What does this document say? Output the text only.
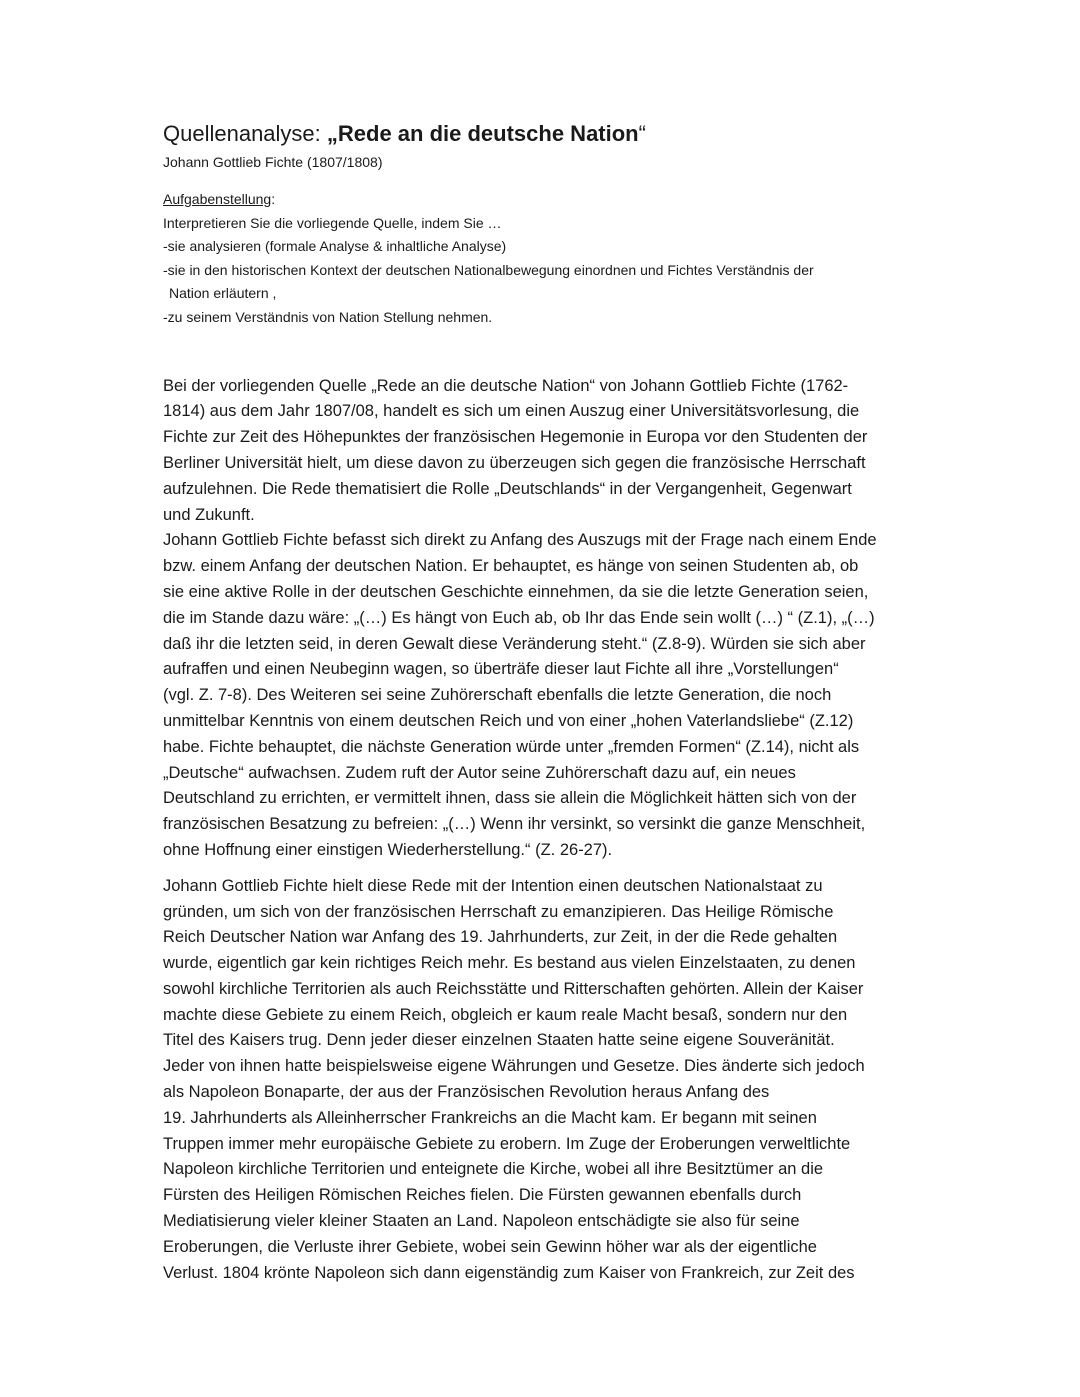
Quellenanalyse: „Rede an die deutsche Nation“
Johann Gottlieb Fichte (1807/1808)
Aufgabenstellung:
Interpretieren Sie die vorliegende Quelle, indem Sie …
-sie analysieren (formale Analyse & inhaltliche Analyse)
-sie in den historischen Kontext der deutschen Nationalbewegung einordnen und Fichtes Verständnis der
Nation erläutern ,
-zu seinem Verständnis von Nation Stellung nehmen.

Bei der vorliegenden Quelle „Rede an die deutsche Nation“ von Johann Gottlieb Fichte (1762-
1814) aus dem Jahr 1807/08, handelt es sich um einen Auszug einer Universitätsvorlesung, die
Fichte zur Zeit des Höhepunktes der französischen Hegemonie in Europa vor den Studenten der
Berliner Universität hielt, um diese davon zu überzeugen sich gegen die französische Herrschaft
aufzulehnen. Die Rede thematisiert die Rolle „Deutschlands“ in der Vergangenheit, Gegenwart
und Zukunft.

Johann Gottlieb Fichte befasst sich direkt zu Anfang des Auszugs mit der Frage nach einem Ende
bzw. einem Anfang der deutschen Nation. Er behauptet, es hänge von seinen Studenten ab, ob
sie eine aktive Rolle in der deutschen Geschichte einnehmen, da sie die letzte Generation seien,
die im Stande dazu wäre: „(…) Es hängt von Euch ab, ob Ihr das Ende sein wollt (…) “ (Z.1), „(…)
daß ihr die letzten seid, in deren Gewalt diese Veränderung steht.“ (Z.8-9). Würden sie sich aber
aufraffen und einen Neubeginn wagen, so überträfe dieser laut Fichte all ihre „Vorstellungen“
(vgl. Z. 7-8). Des Weiteren sei seine Zuhörerschaft ebenfalls die letzte Generation, die noch
unmittelbar Kenntnis von einem deutschen Reich und von einer „hohen Vaterlandsliebe“ (Z.12)
habe. Fichte behauptet, die nächste Generation würde unter „fremden Formen“ (Z.14), nicht als
„Deutsche“ aufwachsen. Zudem ruft der Autor seine Zuhörerschaft dazu auf, ein neues
Deutschland zu errichten, er vermittelt ihnen, dass sie allein die Möglichkeit hätten sich von der
französischen Besatzung zu befreien: „(…) Wenn ihr versinkt, so versinkt die ganze Menschheit,
ohne Hoffnung einer einstigen Wiederherstellung.“ (Z. 26-27).

Johann Gottlieb Fichte hielt diese Rede mit der Intention einen deutschen Nationalstaat zu
gründen, um sich von der französischen Herrschaft zu emanzipieren. Das Heilige Römische
Reich Deutscher Nation war Anfang des 19. Jahrhunderts, zur Zeit, in der die Rede gehalten
wurde, eigentlich gar kein richtiges Reich mehr. Es bestand aus vielen Einzelstaaten, zu denen
sowohl kirchliche Territorien als auch Reichsstätte und Ritterschaften gehörten. Allein der Kaiser
machte diese Gebiete zu einem Reich, obgleich er kaum reale Macht besaß, sondern nur den
Titel des Kaisers trug. Denn jeder dieser einzelnen Staaten hatte seine eigene Souveränität.
Jeder von ihnen hatte beispielsweise eigene Währungen und Gesetze. Dies änderte sich jedoch
als Napoleon Bonaparte, der aus der Französischen Revolution heraus Anfang des
19. Jahrhunderts als Alleinherrscher Frankreichs an die Macht kam. Er begann mit seinen
Truppen immer mehr europäische Gebiete zu erobern. Im Zuge der Eroberungen verweltlichte
Napoleon kirchliche Territorien und enteignete die Kirche, wobei all ihre Besitztümer an die
Fürsten des Heiligen Römischen Reiches fielen. Die Fürsten gewannen ebenfalls durch
Mediatisierung vieler kleiner Staaten an Land. Napoleon entschädigte sie also für seine
Eroberungen, die Verluste ihrer Gebiete, wobei sein Gewinn höher war als der eigentliche
Verlust. 1804 krönte Napoleon sich dann eigenständig zum Kaiser von Frankreich, zur Zeit des
